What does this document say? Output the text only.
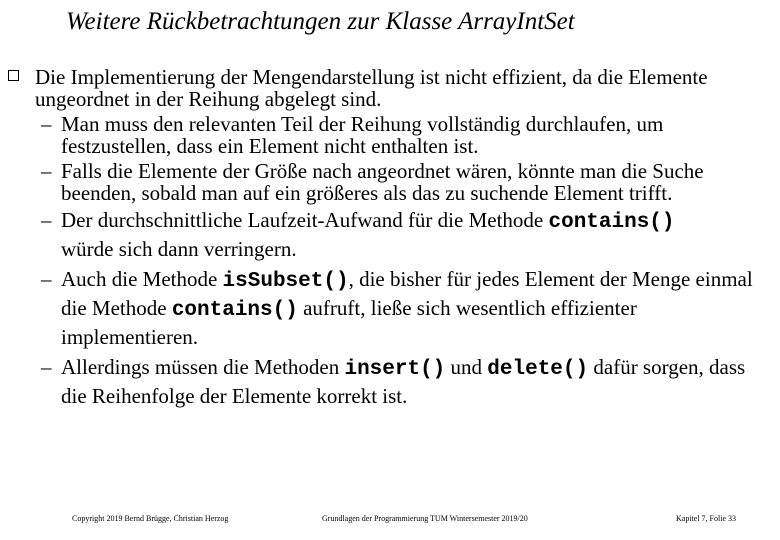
Weitere Rückbetrachtungen zur Klasse ArrayIntSet
Die Implementierung der Mengendarstellung ist nicht effizient, da die Elemente ungeordnet in der Reihung abgelegt sind.
– Man muss den relevanten Teil der Reihung vollständig durchlaufen, um festzustellen, dass ein Element nicht enthalten ist.
– Falls die Elemente der Größe nach angeordnet wären, könnte man die Suche beenden, sobald man auf ein größeres als das zu suchende Element trifft.
– Der durchschnittliche Laufzeit-Aufwand für die Methode contains()
würde sich dann verringern.
– Auch die Methode isSubset(), die bisher für jedes Element der Menge einmal die Methode contains() aufruft, ließe sich wesentlich effizienter implementieren.
– Allerdings müssen die Methoden insert() und delete() dafür sorgen, dass die Reihenfolge der Elemente korrekt ist.
Copyright 2019 Bernd Brügge, Christian Herzog	Grundlagen der Programmierung TUM Wintersemester 2019/20	Kapitel 7, Folie 33
